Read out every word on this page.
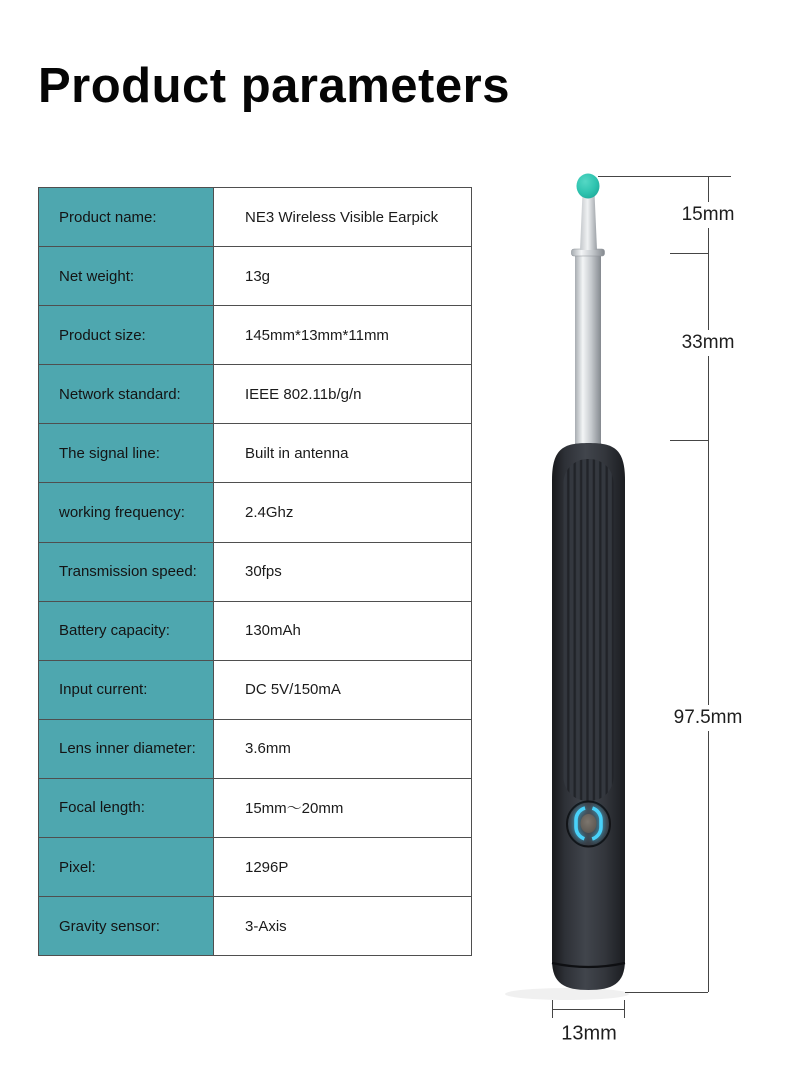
Product parameters
Product name:	NE3 Wireless Visible Earpick
Net weight:	13g
Product size:	145mm*13mm*11mm
Network standard:	IEEE 802.11b/g/n
The signal line:	Built in antenna
working frequency:	2.4Ghz
Transmission speed:	30fps
Battery capacity:	130mAh
Input current:	DC 5V/150mA
Lens inner diameter:	3.6mm
Focal length:	15mm～20mm
Pixel:	1296P
Gravity sensor:	3-Axis
15mm
33mm
97.5mm
13mm
